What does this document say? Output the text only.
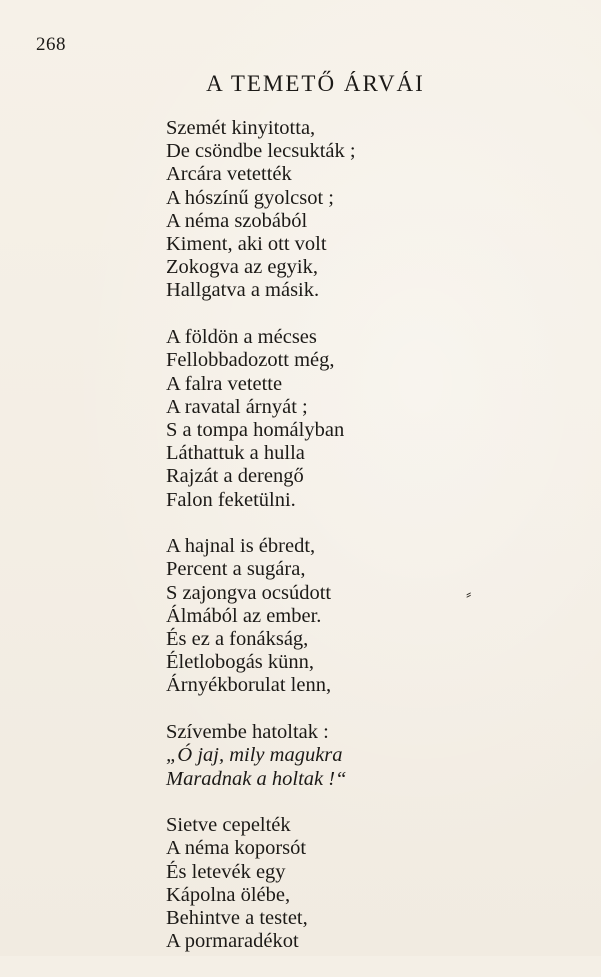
268
A TEMETŐ ÁRVÁI
Szemét kinyitotta,
De csöndbe lecsukták ;
Arcára vetették
A hószínű gyolcsot ;
A néma szobából
Kiment, aki ott volt
Zokogva az egyik,
Hallgatva a másik.
A földön a mécses
Fellobbadozott még,
A falra vetette
A ravatal árnyát ;
S a tompa homályban
Láthattuk a hulla
Rajzát a derengő
Falon feketülni.
A hajnal is ébredt,
Percent a sugára,
S zajongva ocsúdott
Álmából az ember.
És ez a fonákság,
Életlobogás künn,
Árnyékborulat lenn,
Szívembe hatoltak :
„Ó jaj, mily magukra
Maradnak a holtak !“
Sietve cepelték
A néma koporsót
És letevék egy
Kápolna ölébe,
Behintve a testet,
A pormaradékot
⸗
